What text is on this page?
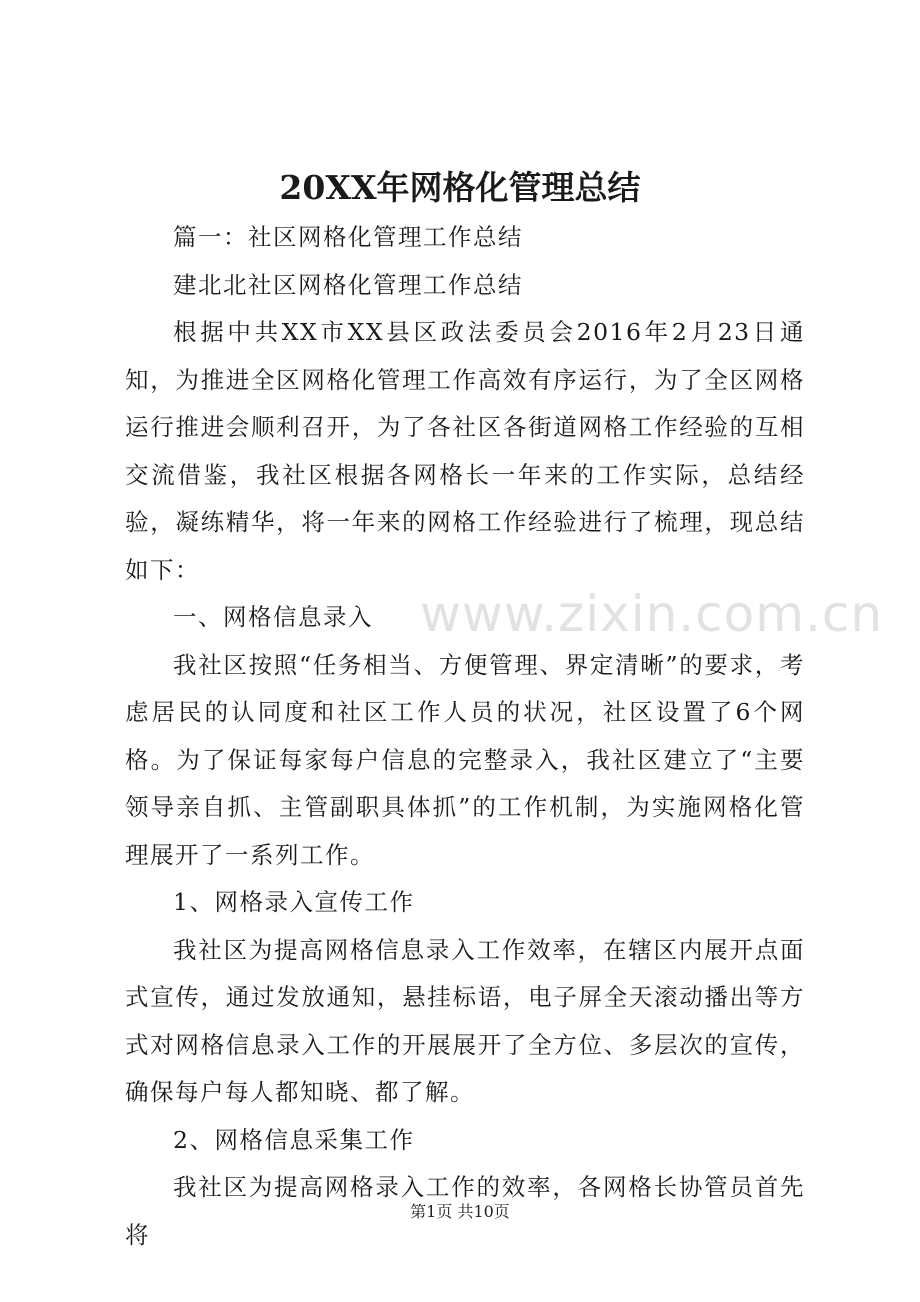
20XX年网格化管理总结

篇一：社区网格化管理工作总结

建北北社区网格化管理工作总结

根据中共XX市XX县区政法委员会2016年2月23日通知，为推进全区网格化管理工作高效有序运行，为了全区网格运行推进会顺利召开，为了各社区各街道网格工作经验的互相交流借鉴，我社区根据各网格长一年来的工作实际，总结经验，凝练精华，将一年来的网格工作经验进行了梳理，现总结如下：

一、网格信息录入

我社区按照“任务相当、方便管理、界定清晰”的要求，考虑居民的认同度和社区工作人员的状况，社区设置了6个网格。为了保证每家每户信息的完整录入，我社区建立了“主要领导亲自抓、主管副职具体抓”的工作机制，为实施网格化管理展开了一系列工作。

1、网格录入宣传工作

我社区为提高网格信息录入工作效率，在辖区内展开点面式宣传，通过发放通知，悬挂标语，电子屏全天滚动播出等方式对网格信息录入工作的开展展开了全方位、多层次的宣传，确保每户每人都知晓、都了解。

2、网格信息采集工作

我社区为提高网格录入工作的效率，各网格长协管员首先将

www.zixin.com.cn
第1页 共10页
